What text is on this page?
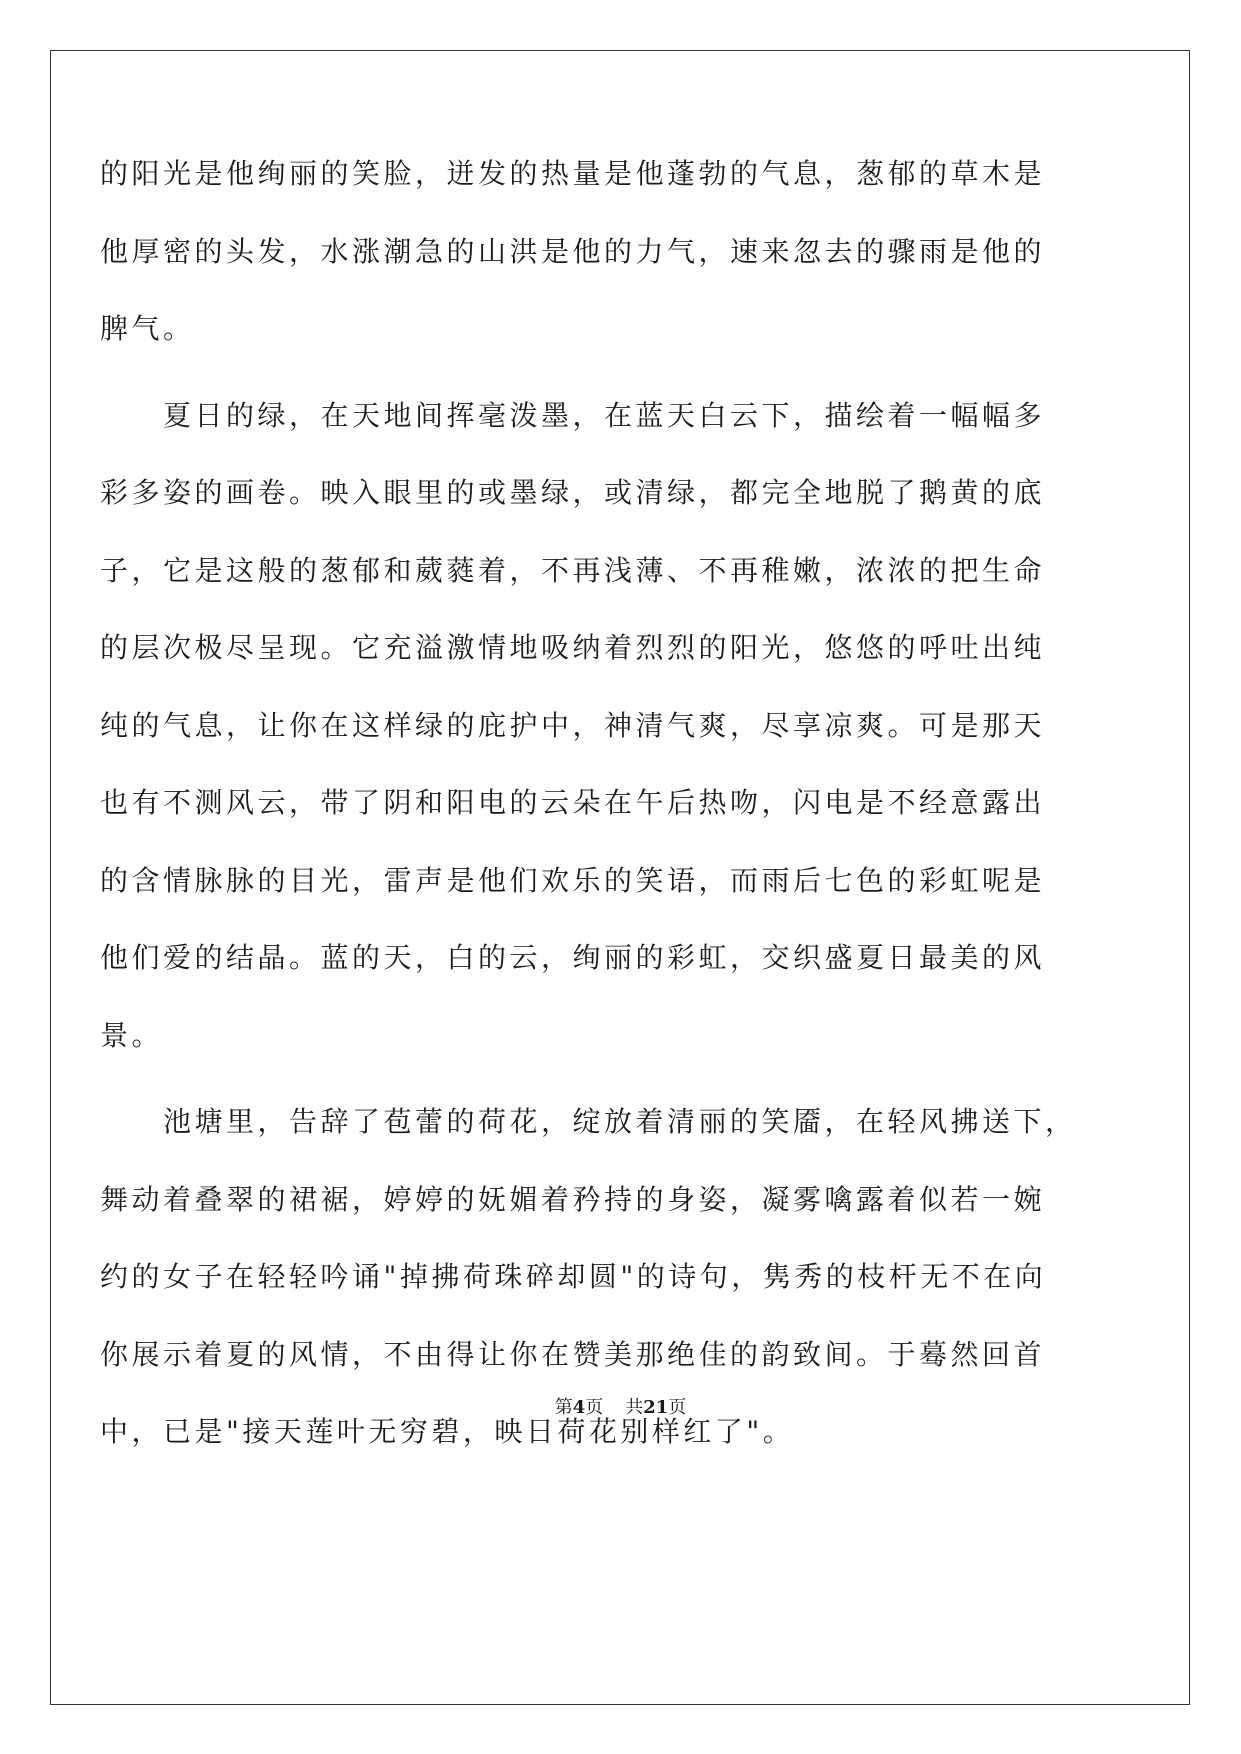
的阳光是他绚丽的笑脸，迸发的热量是他蓬勃的气息，葱郁的草木是
他厚密的头发，水涨潮急的山洪是他的力气，速来忽去的骤雨是他的
脾气。
夏日的绿，在天地间挥毫泼墨，在蓝天白云下，描绘着一幅幅多
彩多姿的画卷。映入眼里的或墨绿，或清绿，都完全地脱了鹅黄的底
子，它是这般的葱郁和葳蕤着，不再浅薄、不再稚嫩，浓浓的把生命
的层次极尽呈现。它充溢激情地吸纳着烈烈的阳光，悠悠的呼吐出纯
纯的气息，让你在这样绿的庇护中，神清气爽，尽享凉爽。可是那天
也有不测风云，带了阴和阳电的云朵在午后热吻，闪电是不经意露出
的含情脉脉的目光，雷声是他们欢乐的笑语，而雨后七色的彩虹呢是
他们爱的结晶。蓝的天，白的云，绚丽的彩虹，交织盛夏日最美的风
景。
池塘里，告辞了苞蕾的荷花，绽放着清丽的笑靥，在轻风拂送下，
舞动着叠翠的裙裾，婷婷的妩媚着矜持的身姿，凝雾噙露着似若一婉
约的女子在轻轻吟诵"掉拂荷珠碎却圆"的诗句，隽秀的枝杆无不在向
你展示着夏的风情，不由得让你在赞美那绝佳的韵致间。于蓦然回首
中，已是"接天莲叶无穷碧，映日荷花别样红了"。
第4页 共21页
